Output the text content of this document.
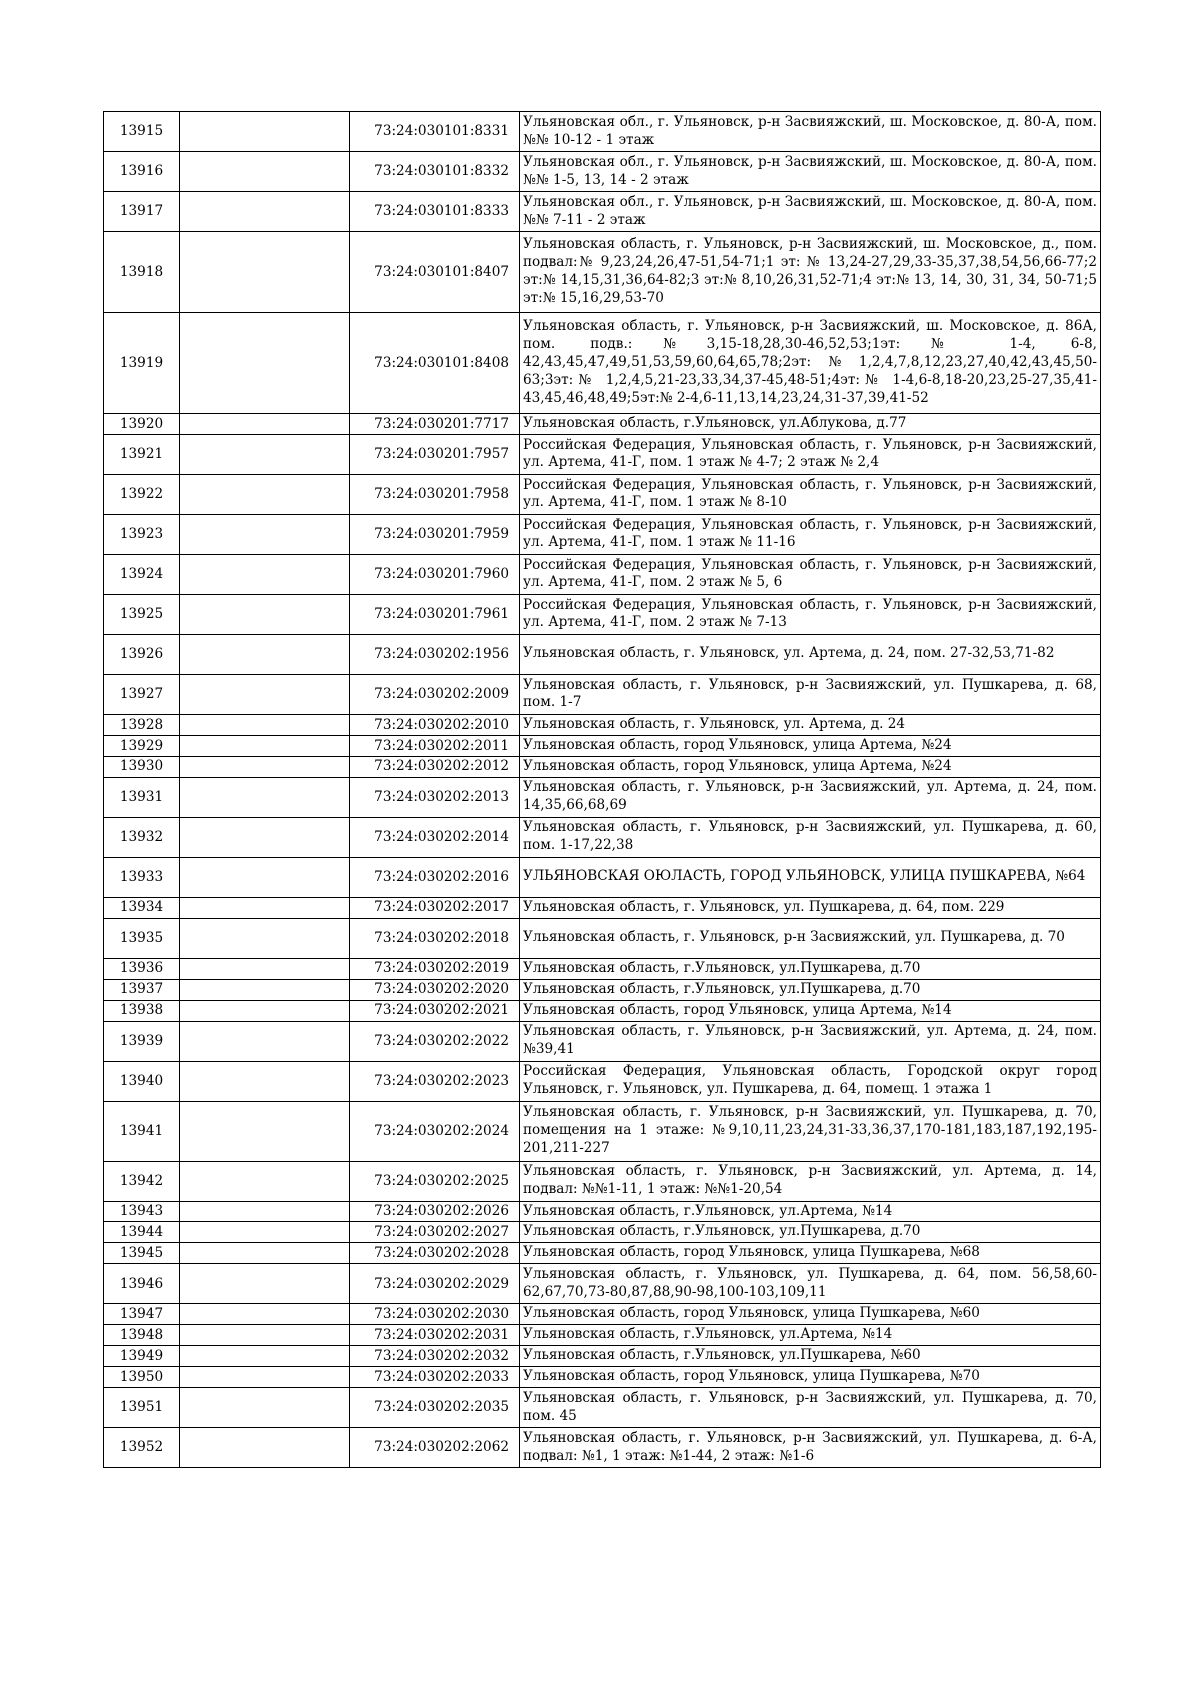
13915		73:24:030101:8331	Ульяновская обл., г. Ульяновск, р-н Засвияжский, ш. Московское, д. 80-А, пом. №№ 10-12 - 1 этаж
13916		73:24:030101:8332	Ульяновская обл., г. Ульяновск, р-н Засвияжский, ш. Московское, д. 80-А, пом. №№ 1-5, 13, 14 - 2 этаж
13917		73:24:030101:8333	Ульяновская обл., г. Ульяновск, р-н Засвияжский, ш. Московское, д. 80-А, пом. №№ 7-11 - 2 этаж
13918		73:24:030101:8407	Ульяновская область, г. Ульяновск, р-н Засвияжский, ш. Московское, д., пом. подвал:№ 9,23,24,26,47-51,54-71;1 эт: № 13,24-27,29,33-35,37,38,54,56,66-77;2 эт:№ 14,15,31,36,64-82;3 эт:№ 8,10,26,31,52-71;4 эт:№ 13, 14, 30, 31, 34, 50-71;5 эт:№ 15,16,29,53-70
13919		73:24:030101:8408	Ульяновская область, г. Ульяновск, р-н Засвияжский, ш. Московское, д. 86А, пом. подв.:№3,15-18,28,30-46,52,53;1эт:№ 1-4, 6-8, 42,43,45,47,49,51,53,59,60,64,65,78;2эт:№1,2,4,7,8,12,23,27,40,42,43,45,50-63;3эт:№ 1,2,4,5,21-23,33,34,37-45,48-51;4эт:№ 1-4,6-8,18-20,23,25-27,35,41-43,45,46,48,49;5эт:№ 2-4,6-11,13,14,23,24,31-37,39,41-52
13920		73:24:030201:7717	Ульяновская область, г.Ульяновск, ул.Аблукова, д.77
13921		73:24:030201:7957	Российская Федерация, Ульяновская область, г. Ульяновск, р-н Засвияжский, ул. Артема, 41-Г, пом. 1 этаж № 4-7; 2 этаж № 2,4
13922		73:24:030201:7958	Российская Федерация, Ульяновская область, г. Ульяновск, р-н Засвияжский, ул. Артема, 41-Г, пом. 1 этаж № 8-10
13923		73:24:030201:7959	Российская Федерация, Ульяновская область, г. Ульяновск, р-н Засвияжский, ул. Артема, 41-Г, пом. 1 этаж № 11-16
13924		73:24:030201:7960	Российская Федерация, Ульяновская область, г. Ульяновск, р-н Засвияжский, ул. Артема, 41-Г, пом. 2 этаж № 5, 6
13925		73:24:030201:7961	Российская Федерация, Ульяновская область, г. Ульяновск, р-н Засвияжский, ул. Артема, 41-Г, пом. 2 этаж № 7-13
13926		73:24:030202:1956	Ульяновская область, г. Ульяновск, ул. Артема, д. 24, пом. 27-32,53,71-82
13927		73:24:030202:2009	Ульяновская область, г. Ульяновск, р-н Засвияжский, ул. Пушкарева, д. 68, пом. 1-7
13928		73:24:030202:2010	Ульяновская область, г. Ульяновск, ул. Артема, д. 24
13929		73:24:030202:2011	Ульяновская область, город Ульяновск, улица Артема, №24
13930		73:24:030202:2012	Ульяновская область, город Ульяновск, улица Артема, №24
13931		73:24:030202:2013	Ульяновская область, г. Ульяновск, р-н Засвияжский, ул. Артема, д. 24, пом. 14,35,66,68,69
13932		73:24:030202:2014	Ульяновская область, г. Ульяновск, р-н Засвияжский, ул. Пушкарева, д. 60, пом. 1-17,22,38
13933		73:24:030202:2016	УЛЬЯНОВСКАЯ ОЮЛАСТЬ, ГОРОД УЛЬЯНОВСК, УЛИЦА ПУШКАРЕВА, №64
13934		73:24:030202:2017	Ульяновская область, г. Ульяновск, ул. Пушкарева, д. 64, пом. 229
13935		73:24:030202:2018	Ульяновская область, г. Ульяновск, р-н Засвияжский, ул. Пушкарева, д. 70
13936		73:24:030202:2019	Ульяновская область, г.Ульяновск, ул.Пушкарева, д.70
13937		73:24:030202:2020	Ульяновская область, г.Ульяновск, ул.Пушкарева, д.70
13938		73:24:030202:2021	Ульяновская область, город Ульяновск, улица Артема, №14
13939		73:24:030202:2022	Ульяновская область, г. Ульяновск, р-н Засвияжский, ул. Артема, д. 24, пом. №39,41
13940		73:24:030202:2023	Российская Федерация, Ульяновская область, Городской округ город Ульяновск, г. Ульяновск, ул. Пушкарева, д. 64, помещ. 1 этажа 1
13941		73:24:030202:2024	Ульяновская область, г. Ульяновск, р-н Засвияжский, ул. Пушкарева, д. 70, помещения на 1 этаже: №9,10,11,23,24,31-33,36,37,170-181,183,187,192,195-201,211-227
13942		73:24:030202:2025	Ульяновская область, г. Ульяновск, р-н Засвияжский, ул. Артема, д. 14, подвал: №№1-11, 1 этаж: №№1-20,54
13943		73:24:030202:2026	Ульяновская область, г.Ульяновск, ул.Артема, №14
13944		73:24:030202:2027	Ульяновская область, г.Ульяновск, ул.Пушкарева, д.70
13945		73:24:030202:2028	Ульяновская область, город Ульяновск, улица Пушкарева, №68
13946		73:24:030202:2029	Ульяновская область, г. Ульяновск, ул. Пушкарева, д. 64, пом. 56,58,60-62,67,70,73-80,87,88,90-98,100-103,109,11
13947		73:24:030202:2030	Ульяновская область, город Ульяновск, улица Пушкарева, №60
13948		73:24:030202:2031	Ульяновская область, г.Ульяновск, ул.Артема, №14
13949		73:24:030202:2032	Ульяновская область, г.Ульяновск, ул.Пушкарева, №60
13950		73:24:030202:2033	Ульяновская область, город Ульяновск, улица Пушкарева, №70
13951		73:24:030202:2035	Ульяновская область, г. Ульяновск, р-н Засвияжский, ул. Пушкарева, д. 70, пом. 45
13952		73:24:030202:2062	Ульяновская область, г. Ульяновск, р-н Засвияжский, ул. Пушкарева, д. 6-А, подвал: №1, 1 этаж: №1-44, 2 этаж: №1-6
